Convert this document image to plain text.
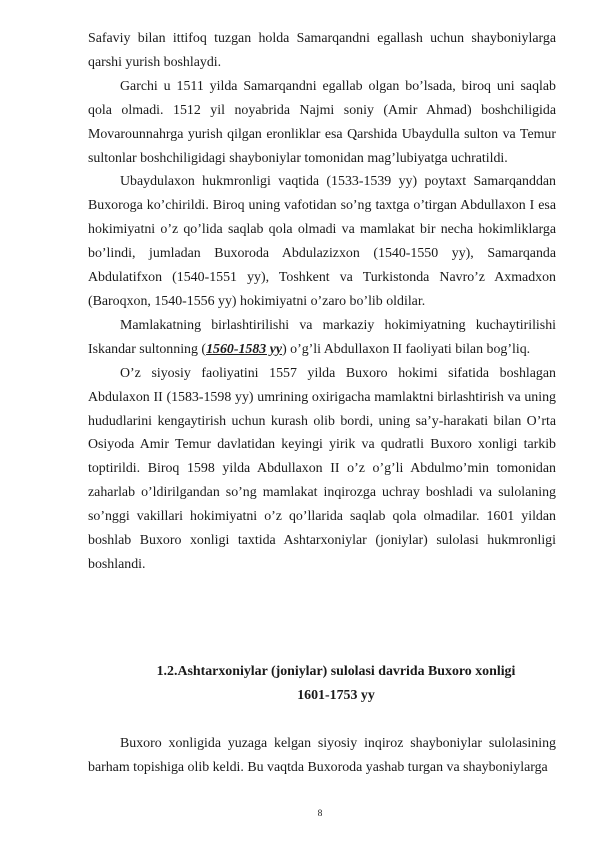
Safaviy bilan ittifoq tuzgan holda Samarqandni egallash uchun shayboniylarga qarshi yurish boshlaydi.

Garchi u 1511 yilda Samarqandni egallab olgan bo’lsada, biroq uni saqlab qola olmadi. 1512 yil noyabrida Najmi soniy (Amir Ahmad) boshchiligida Movarounnahrga yurish qilgan eronliklar esa Qarshida Ubaydulla sulton va Temur sultonlar boshchiligidagi shayboniylar tomonidan mag’lubiyatga uchratildi.

Ubaydulaxon hukmronligi vaqtida (1533-1539 yy) poytaxt Samarqanddan Buxoroga ko’chirildi. Biroq uning vafotidan so’ng taxtga o’tirgan Abdullaxon I esa hokimiyatni o’z qo’lida saqlab qola olmadi va mamlakat bir necha hokimliklarga bo’lindi, jumladan Buxoroda Abdulazizxon (1540-1550 yy), Samarqanda Abdulatifxon (1540-1551 yy), Toshkent va Turkistonda Navro’z Axmadxon (Baroqxon, 1540-1556 yy) hokimiyatni o’zaro bo’lib oldilar.

Mamlakatning birlashtirilishi va markaziy hokimiyatning kuchaytirilishi Iskandar sultonning (1560-1583 yy) o’g’li Abdullaxon II faoliyati bilan bog’liq.

O’z siyosiy faoliyatini 1557 yilda Buxoro hokimi sifatida boshlagan Abdulaxon II (1583-1598 yy) umrining oxirigacha mamlaktni birlashtirish va uning hududlarini kengaytirish uchun kurash olib bordi, uning sa’y-harakati bilan O’rta Osiyoda Amir Temur davlatidan keyingi yirik va qudratli Buxoro xonligi tarkib toptirildi. Biroq 1598 yilda Abdullaxon II o’z o’g’li Abdulmo’min tomonidan zaharlab o’ldirilgandan so’ng mamlakat inqirozga uchray boshladi va sulolaning so’nggi vakillari hokimiyatni o’z qo’llarida saqlab qola olmadilar. 1601 yildan boshlab Buxoro xonligi taxtida Ashtarxoniylar (joniylar) sulolasi hukmronligi boshlandi.

1.2.Ashtarxoniylar (joniylar) sulolasi davrida Buxoro xonligi
1601-1753 yy

Buxoro xonligida yuzaga kelgan siyosiy inqiroz shayboniylar sulolasining barham topishiga olib keldi. Bu vaqtda Buxoroda yashab turgan va shayboniylarga

8
